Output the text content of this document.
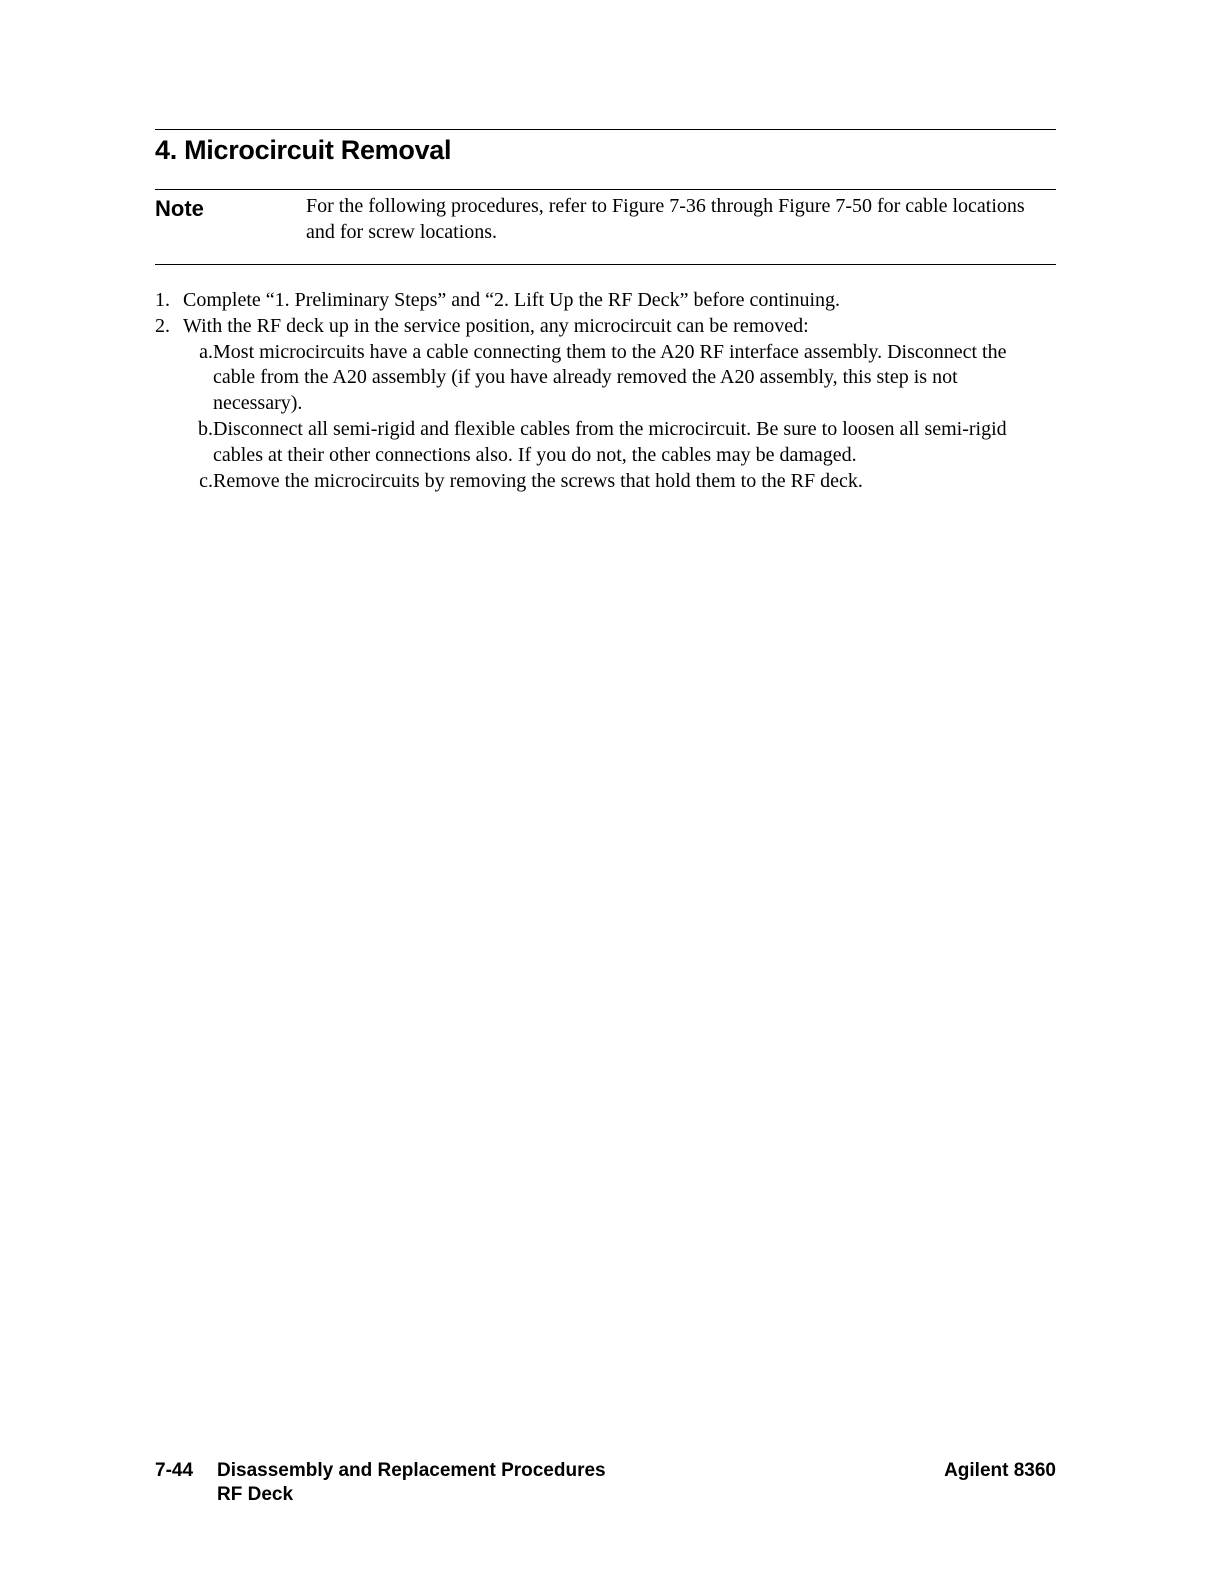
4. Microcircuit Removal
Note	For the following procedures, refer to Figure 7-36 through Figure 7-50 for cable locations and for screw locations.

1. Complete “1. Preliminary Steps” and “2. Lift Up the RF Deck” before continuing.
2. With the RF deck up in the service position, any microcircuit can be removed:
a. Most microcircuits have a cable connecting them to the A20 RF interface assembly. Disconnect the cable from the A20 assembly (if you have already removed the A20 assembly, this step is not necessary).
b. Disconnect all semi-rigid and flexible cables from the microcircuit. Be sure to loosen all semi-rigid cables at their other connections also. If you do not, the cables may be damaged.
c. Remove the microcircuits by removing the screws that hold them to the RF deck.
7-44	Disassembly and Replacement Procedures
RF Deck
Agilent 8360
